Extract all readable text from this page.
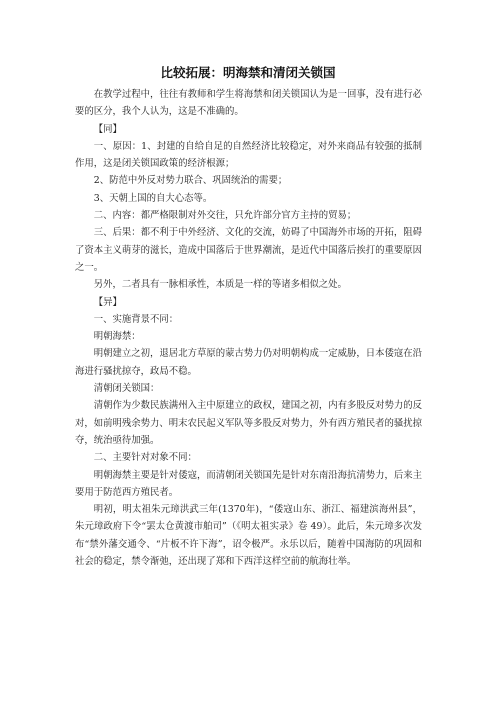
比较拓展：明海禁和清闭关锁国

在教学过程中，往往有教师和学生将海禁和闭关锁国认为是一回事，没有进行必要的区分，我个人认为，这是不准确的。

【同】

一、原因：1、封建的自给自足的自然经济比较稳定，对外来商品有较强的抵制作用，这是闭关锁国政策的经济根源；

2、防范中外反对势力联合、巩固统治的需要；

3、天朝上国的自大心态等。

二、内容：都严格限制对外交往，只允许部分官方主持的贸易；

三、后果：都不利于中外经济、文化的交流，妨碍了中国海外市场的开拓，阻碍了资本主义萌芽的滋长，造成中国落后于世界潮流，是近代中国落后挨打的重要原因之一。

另外，二者具有一脉相承性，本质是一样的等诸多相似之处。

【异】

一、实施背景不同：

明朝海禁：

明朝建立之初，退居北方草原的蒙古势力仍对明朝构成一定威胁，日本倭寇在沿海进行骚扰掠夺，政局不稳。

清朝闭关锁国：

清朝作为少数民族满州入主中原建立的政权，建国之初，内有多股反对势力的反对，如前明残余势力、明末农民起义军队等多股反对势力，外有西方殖民者的骚扰掠夺，统治亟待加强。

二、主要针对对象不同：

明朝海禁主要是针对倭寇，而清朝闭关锁国先是针对东南沿海抗清势力，后来主要用于防范西方殖民者。

明初，明太祖朱元璋洪武三年(1370年)，“倭寇山东、浙江、福建滨海州县”，朱元璋政府下令“罢太仓黄渡市舶司”（《明太祖实录》卷 49）。此后，朱元璋多次发布“禁外藩交通令、“片板不许下海”，诏令极严。永乐以后，随着中国海防的巩固和社会的稳定，禁令渐弛，还出现了郑和下西洋这样空前的航海壮举。
